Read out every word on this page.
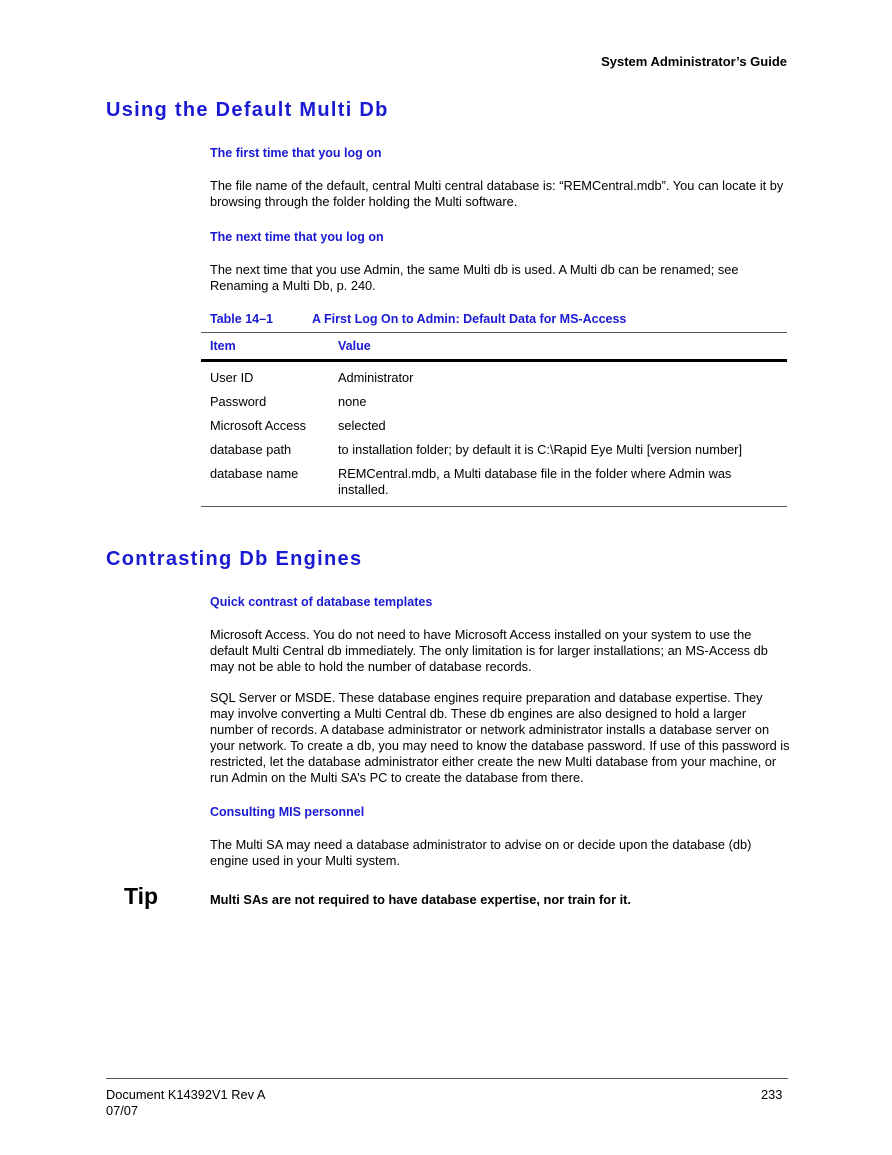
System Administrator’s Guide
Using the Default Multi Db
The first time that you log on

The file name of the default, central Multi central database is: “REMCentral.mdb”. You can locate it by browsing through the folder holding the Multi software.

The next time that you log on

The next time that you use Admin, the same Multi db is used. A Multi db can be renamed; see Renaming a Multi Db, p. 240.

Table 14–1	A First Log On to Admin: Default Data for MS-Access
Item	Value
User ID	Administrator
Password	none
Microsoft Access	selected
database path	to installation folder; by default it is C:\Rapid Eye Multi [version number]
database name	REMCentral.mdb, a Multi database file in the folder where Admin was installed.
Contrasting Db Engines
Quick contrast of database templates

Microsoft Access. You do not need to have Microsoft Access installed on your system to use the default Multi Central db immediately. The only limitation is for larger installations; an MS-Access db may not be able to hold the number of database records.

SQL Server or MSDE. These database engines require preparation and database expertise. They may involve converting a Multi Central db. These db engines are also designed to hold a larger number of records. A database administrator or network administrator installs a database server on your network. To create a db, you may need to know the database password. If use of this password is restricted, let the database administrator either create the new Multi database from your machine, or run Admin on the Multi SA’s PC to create the database from there.

Consulting MIS personnel

The Multi SA may need a database administrator to advise on or decide upon the database (db) engine used in your Multi system.

Tip	Multi SAs are not required to have database expertise, nor train for it.
Document K14392V1 Rev A
07/07
233
